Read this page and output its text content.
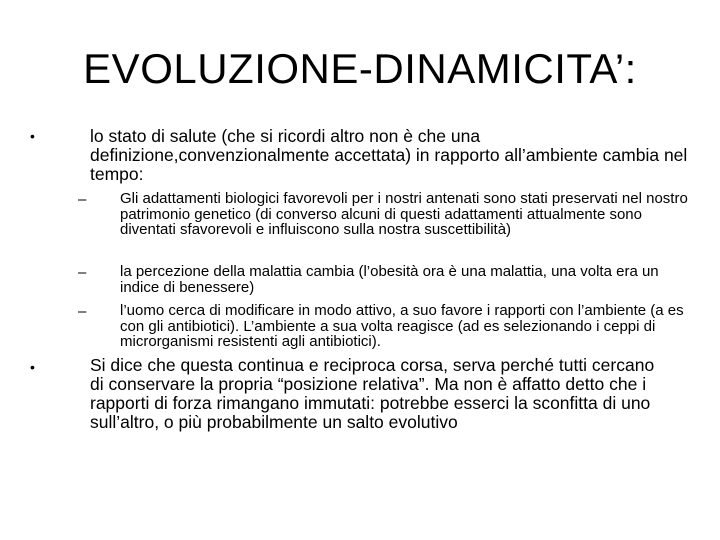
EVOLUZIONE-DINAMICITA’:
•	lo stato di salute (che si ricordi altro non è che una definizione,convenzionalmente accettata) in rapporto all’ambiente cambia nel tempo:
– Gli adattamenti biologici favorevoli per i nostri antenati sono stati preservati nel nostro patrimonio genetico (di converso alcuni di questi adattamenti attualmente sono diventati sfavorevoli e influiscono sulla nostra suscettibilità)
– la percezione della malattia cambia (l’obesità ora è una malattia, una volta era un indice di benessere)
– l’uomo cerca di modificare in modo attivo, a suo favore i rapporti con l’ambiente (a es con gli antibiotici). L’ambiente a sua volta reagisce (ad es selezionando i ceppi di microrganismi resistenti agli antibiotici).
•	Si dice che questa continua e reciproca corsa, serva perché tutti cercano di conservare la propria “posizione relativa”. Ma non è affatto detto che i rapporti di forza rimangano immutati: potrebbe esserci la sconfitta di uno sull’altro, o più probabilmente un salto evolutivo
